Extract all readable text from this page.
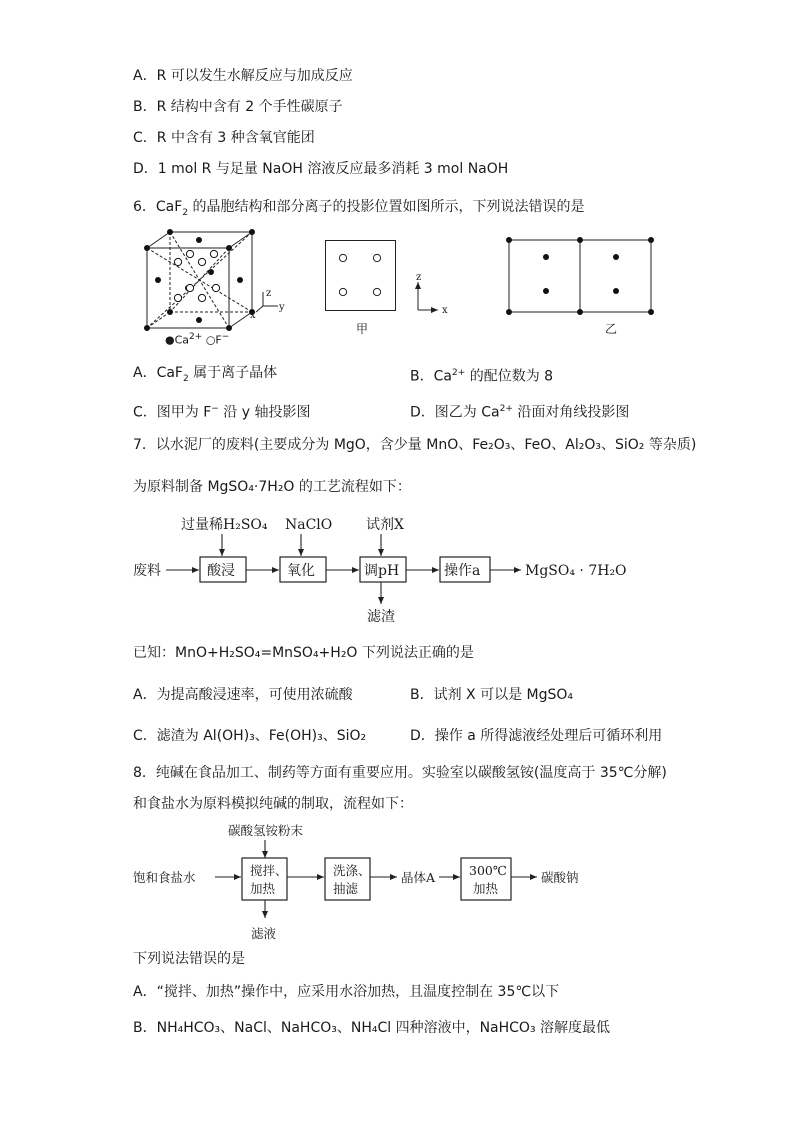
A．R 可以发生水解反应与加成反应
B．R 结构中含有 2 个手性碳原子
C．R 中含有 3 种含氧官能团
D．1 mol R 与足量 NaOH 溶液反应最多消耗 3 mol NaOH
6．CaF$_2$ 的晶胞结构和部分离子的投影位置如图所示，下列说法错误的是
z
y
x
$●Ca^{2+}$ ○F−
z
x
甲	乙
A．CaF$_2$ 属于离子晶体	B．$Ca^{2+}$ 的配位数为 8
C．图甲为 F− 沿 y 轴投影图	D．图乙为 $Ca^{2+}$ 沿面对角线投影图
7．以水泥厂的废料(主要成分为 MgO，含少量 MnO、Fe₂O₃、FeO、Al₂O₃、SiO₂ 等杂质)
为原料制备 MgSO₄·7H₂O 的工艺流程如下：
过量稀H₂SO₄ NaClO 试剂X
废料	酸浸	氧化	调pH	操作a	MgSO₄ · 7H₂O
滤渣
已知：MnO+H₂SO₄=MnSO₄+H₂O 下列说法正确的是
A．为提高酸浸速率，可使用浓硫酸	B．试剂 X 可以是 MgSO₄
C．滤渣为 Al(OH)₃、Fe(OH)₃、SiO₂	D．操作 a 所得滤液经处理后可循环利用
8．纯碱在食品加工、制药等方面有重要应用。实验室以碳酸氢铵(温度高于 35℃分解)
和食盐水为原料模拟纯碱的制取，流程如下：
碳酸氢铵粉末
饱和食盐水	搅拌、
加热
洗涤、
抽滤
晶体A	300℃
加热
碳酸钠
滤液
下列说法错误的是
A．“搅拌、加热”操作中，应采用水浴加热，且温度控制在 35℃以下
B．NH₄HCO₃、NaCl、NaHCO₃、NH₄Cl 四种溶液中，NaHCO₃ 溶解度最低
